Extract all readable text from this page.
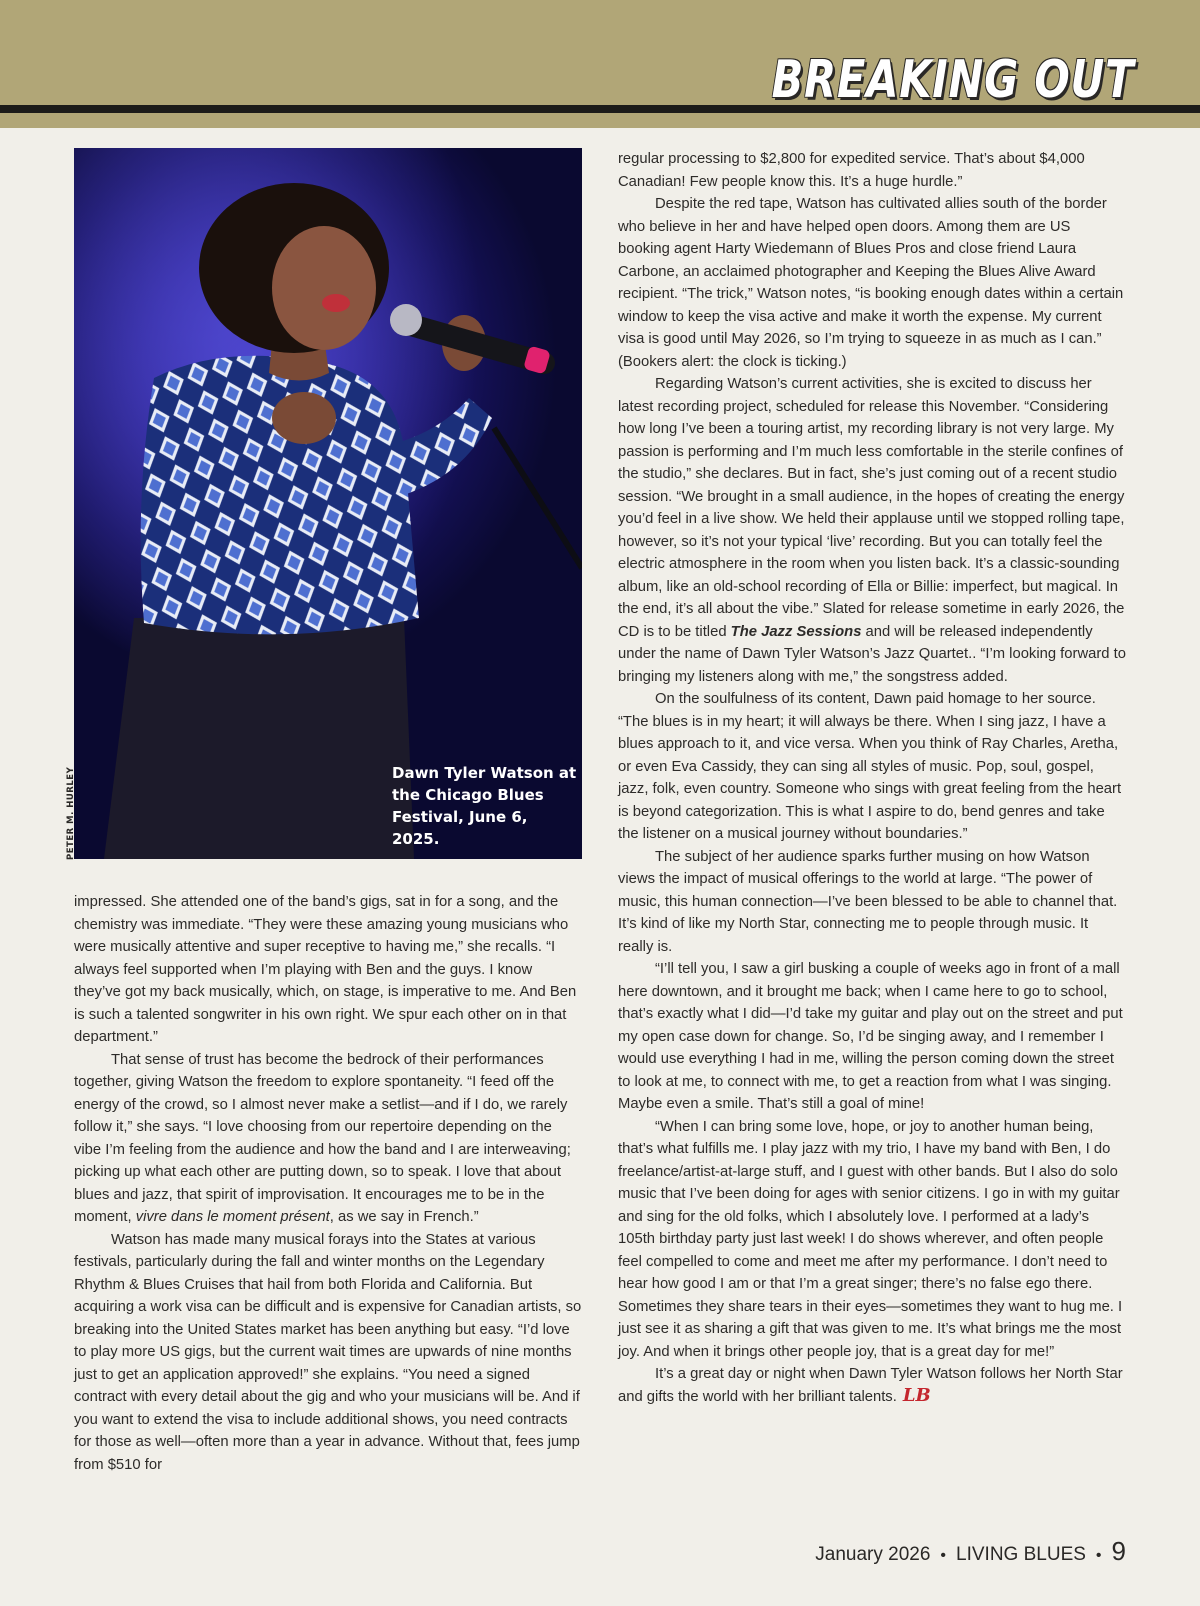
BREAKING OUT
Dawn Tyler Watson at the Chicago Blues Festival, June 6, 2025.
PETER M. HURLEY

impressed. She attended one of the band’s gigs, sat in for a song, and the chemistry was immediate. “They were these amazing young musicians who were musically attentive and super receptive to having me,” she recalls. “I always feel supported when I’m playing with Ben and the guys. I know they’ve got my back musically, which, on stage, is imperative to me. And Ben is such a talented songwriter in his own right. We spur each other on in that department.”

That sense of trust has become the bedrock of their performances together, giving Watson the freedom to explore spontaneity. “I feed off the energy of the crowd, so I almost never make a setlist—and if I do, we rarely follow it,” she says. “I love choosing from our repertoire depending on the vibe I’m feeling from the audience and how the band and I are interweaving; picking up what each other are putting down, so to speak. I love that about blues and jazz, that spirit of improvisation. It encourages me to be in the moment, vivre dans le moment présent, as we say in French.”

Watson has made many musical forays into the States at various festivals, particularly during the fall and winter months on the Legendary Rhythm & Blues Cruises that hail from both Florida and California. But acquiring a work visa can be difficult and is expensive for Canadian artists, so breaking into the United States market has been anything but easy. “I’d love to play more US gigs, but the current wait times are upwards of nine months just to get an application approved!” she explains. “You need a signed contract with every detail about the gig and who your musicians will be. And if you want to extend the visa to include additional shows, you need contracts for those as well—often more than a year in advance. Without that, fees jump from $510 for

regular processing to $2,800 for expedited service. That’s about $4,000 Canadian! Few people know this. It’s a huge hurdle.”

Despite the red tape, Watson has cultivated allies south of the border who believe in her and have helped open doors. Among them are US booking agent Harty Wiedemann of Blues Pros and close friend Laura Carbone, an acclaimed photographer and Keeping the Blues Alive Award recipient. “The trick,” Watson notes, “is booking enough dates within a certain window to keep the visa active and make it worth the expense. My current visa is good until May 2026, so I’m trying to squeeze in as much as I can.” (Bookers alert: the clock is ticking.)

Regarding Watson’s current activities, she is excited to discuss her latest recording project, scheduled for release this November. “Considering how long I’ve been a touring artist, my recording library is not very large. My passion is performing and I’m much less comfortable in the sterile confines of the studio,” she declares. But in fact, she’s just coming out of a recent studio session. “We brought in a small audience, in the hopes of creating the energy you’d feel in a live show. We held their applause until we stopped rolling tape, however, so it’s not your typical ‘live’ recording. But you can totally feel the electric atmosphere in the room when you listen back. It’s a classic-sounding album, like an old-school recording of Ella or Billie: imperfect, but magical. In the end, it’s all about the vibe.” Slated for release sometime in early 2026, the CD is to be titled The Jazz Sessions and will be released independently under the name of Dawn Tyler Watson’s Jazz Quartet.. “I’m looking forward to bringing my listeners along with me,” the songstress added.

On the soulfulness of its content, Dawn paid homage to her source. “The blues is in my heart; it will always be there. When I sing jazz, I have a blues approach to it, and vice versa. When you think of Ray Charles, Aretha, or even Eva Cassidy, they can sing all styles of music. Pop, soul, gospel, jazz, folk, even country. Someone who sings with great feeling from the heart is beyond categorization. This is what I aspire to do, bend genres and take the listener on a musical journey without boundaries.”

The subject of her audience sparks further musing on how Watson views the impact of musical offerings to the world at large. “The power of music, this human connection—I’ve been blessed to be able to channel that. It’s kind of like my North Star, connecting me to people through music. It really is.

“I’ll tell you, I saw a girl busking a couple of weeks ago in front of a mall here downtown, and it brought me back; when I came here to go to school, that’s exactly what I did—I’d take my guitar and play out on the street and put my open case down for change. So, I’d be singing away, and I remember I would use everything I had in me, willing the person coming down the street to look at me, to connect with me, to get a reaction from what I was singing. Maybe even a smile. That’s still a goal of mine!

“When I can bring some love, hope, or joy to another human being, that’s what fulfills me. I play jazz with my trio, I have my band with Ben, I do freelance/artist-at-large stuff, and I guest with other bands. But I also do solo music that I’ve been doing for ages with senior citizens. I go in with my guitar and sing for the old folks, which I absolutely love. I performed at a lady’s 105th birthday party just last week! I do shows wherever, and often people feel compelled to come and meet me after my performance. I don’t need to hear how good I am or that I’m a great singer; there’s no false ego there. Sometimes they share tears in their eyes—sometimes they want to hug me. I just see it as sharing a gift that was given to me. It’s what brings me the most joy. And when it brings other people joy, that is a great day for me!”

It’s a great day or night when Dawn Tyler Watson follows her North Star and gifts the world with her brilliant talents. LB

January 2026 • LIVING BLUES • 9
